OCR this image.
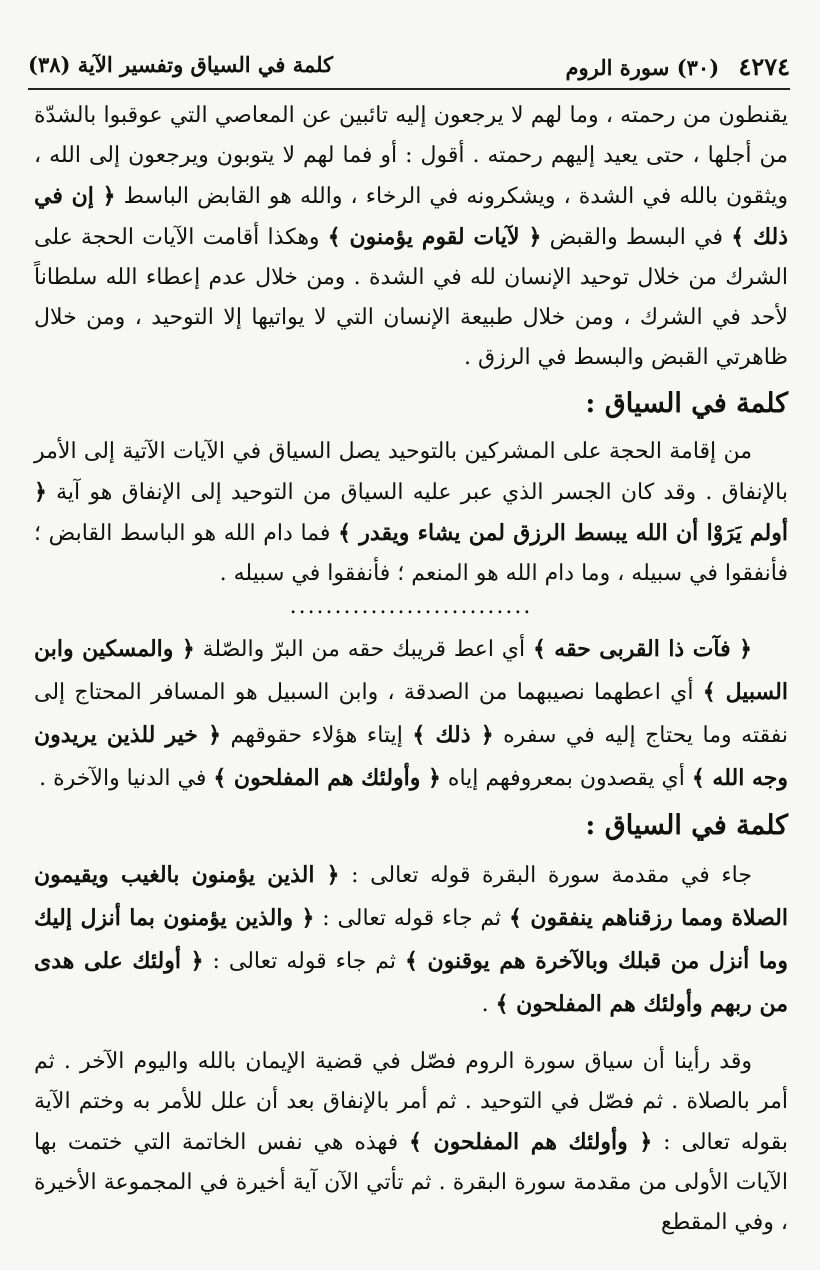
٤٢٧٤ (٣٠) سورة الروم
كلمة في السياق وتفسير الآية (٣٨)

يقنطون من رحمته ، وما لهم لا يرجعون إليه تائبين عن المعاصي التي عوقبوا بالشدّة من أجلها ، حتى يعيد إليهم رحمته . أقول : أو فما لهم لا يتوبون ويرجعون إلى الله ، ويثقون بالله في الشدة ، ويشكرونه في الرخاء ، والله هو القابض الباسط ﴿ إن في ذلك ﴾ في البسط والقبض ﴿ لآيات لقوم يؤمنون ﴾ وهكذا أقامت الآيات الحجة على الشرك من خلال توحيد الإنسان لله في الشدة . ومن خلال عدم إعطاء الله سلطاناً لأحد في الشرك ، ومن خلال طبيعة الإنسان التي لا يواتيها إلا التوحيد ، ومن خلال ظاهرتي القبض والبسط في الرزق .

كلمة في السياق :

من إقامة الحجة على المشركين بالتوحيد يصل السياق في الآيات الآتية إلى الأمر بالإنفاق . وقد كان الجسر الذي عبر عليه السياق من التوحيد إلى الإنفاق هو آية ﴿ أولم يَرَوْا أن الله يبسط الرزق لمن يشاء ويقدر ﴾ فما دام الله هو الباسط القابض ؛ فأنفقوا في سبيله ، وما دام الله هو المنعم ؛ فأنفقوا في سبيله .

...........................

﴿ فآت ذا القربى حقه ﴾ أي اعط قريبك حقه من البرّ والصّلة ﴿ والمسكين وابن السبيل ﴾ أي اعطهما نصيبهما من الصدقة ، وابن السبيل هو المسافر المحتاج إلى نفقته وما يحتاج إليه في سفره ﴿ ذلك ﴾ إيتاء هؤلاء حقوقهم ﴿ خير للذين يريدون وجه الله ﴾ أي يقصدون بمعروفهم إياه ﴿ وأولئك هم المفلحون ﴾ في الدنيا والآخرة .

كلمة في السياق :

جاء في مقدمة سورة البقرة قوله تعالى : ﴿ الذين يؤمنون بالغيب ويقيمون الصلاة ومما رزقناهم ينفقون ﴾ ثم جاء قوله تعالى : ﴿ والذين يؤمنون بما أنزل إليك وما أنزل من قبلك وبالآخرة هم يوقنون ﴾ ثم جاء قوله تعالى : ﴿ أولئك على هدى من ربهم وأولئك هم المفلحون ﴾ .

وقد رأينا أن سياق سورة الروم فصّل في قضية الإيمان بالله واليوم الآخر . ثم أمر بالصلاة . ثم فصّل في التوحيد . ثم أمر بالإنفاق بعد أن علل للأمر به وختم الآية بقوله تعالى : ﴿ وأولئك هم المفلحون ﴾ فهذه هي نفس الخاتمة التي ختمت بها الآيات الأولى من مقدمة سورة البقرة . ثم تأتي الآن آية أخيرة في المجموعة الأخيرة ، وفي المقطع
